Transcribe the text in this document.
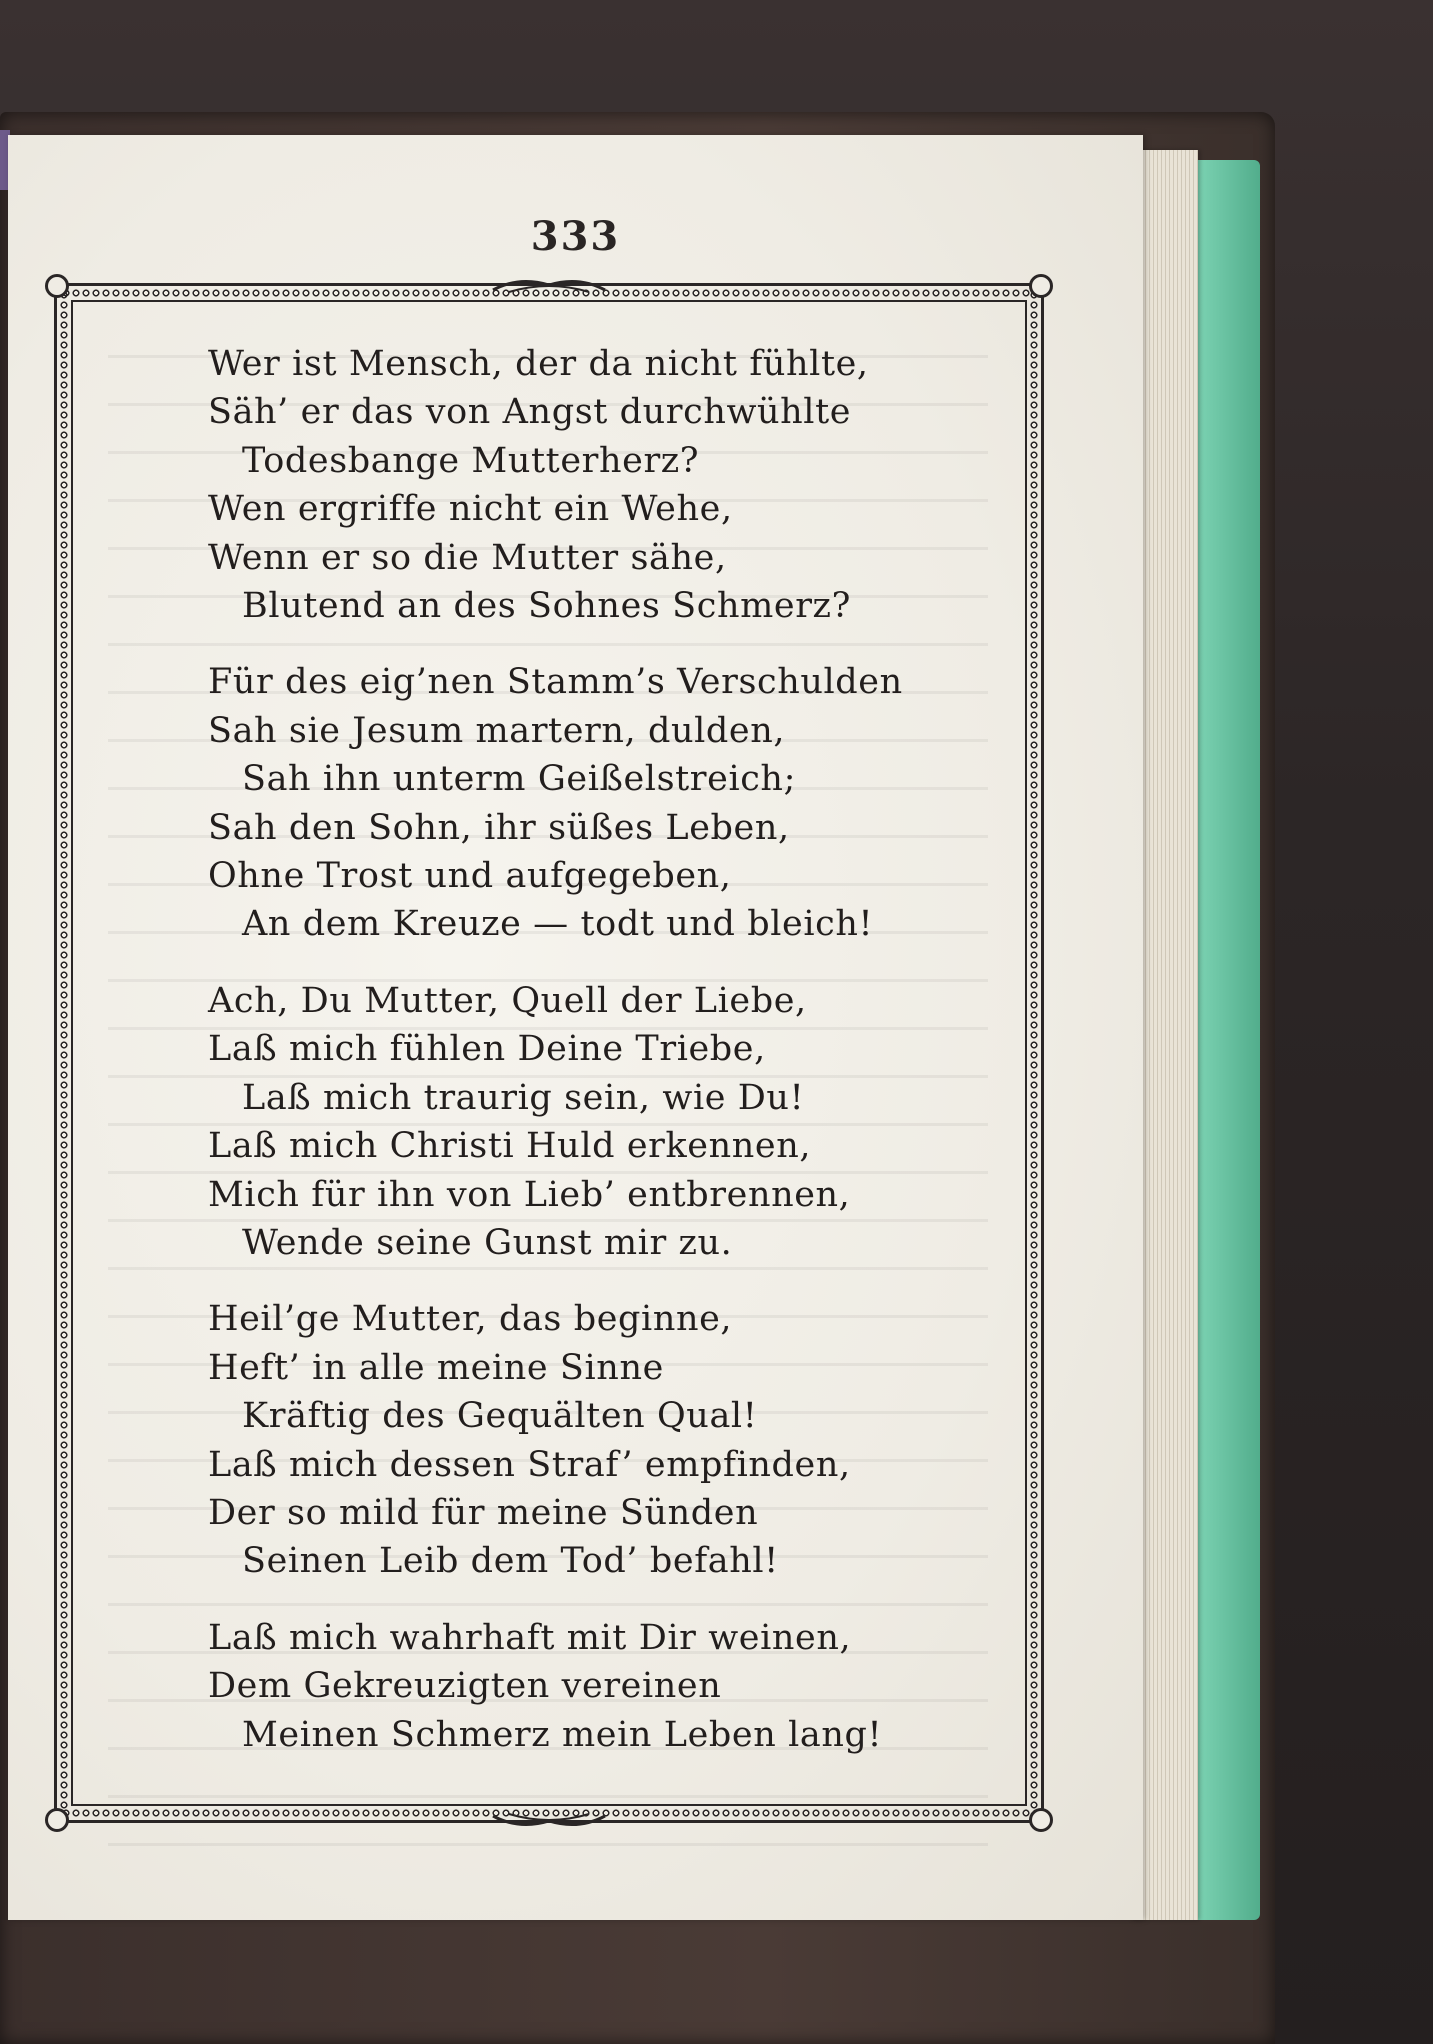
333
Wer ist Mensch, der da nicht fühlte,
Säh’ er das von Angst durchwühlte
Todesbange Mutterherz?
Wen ergriffe nicht ein Wehe,
Wenn er so die Mutter sähe,
Blutend an des Sohnes Schmerz?
Für des eig’nen Stamm’s Verschulden
Sah sie Jesum martern, dulden,
Sah ihn unterm Geißelstreich;
Sah den Sohn, ihr süßes Leben,
Ohne Trost und aufgegeben,
An dem Kreuze — todt und bleich!
Ach, Du Mutter, Quell der Liebe,
Laß mich fühlen Deine Triebe,
Laß mich traurig sein, wie Du!
Laß mich Christi Huld erkennen,
Mich für ihn von Lieb’ entbrennen,
Wende seine Gunst mir zu.
Heil’ge Mutter, das beginne,
Heft’ in alle meine Sinne
Kräftig des Gequälten Qual!
Laß mich dessen Straf’ empfinden,
Der so mild für meine Sünden
Seinen Leib dem Tod’ befahl!
Laß mich wahrhaft mit Dir weinen,
Dem Gekreuzigten vereinen
Meinen Schmerz mein Leben lang!
